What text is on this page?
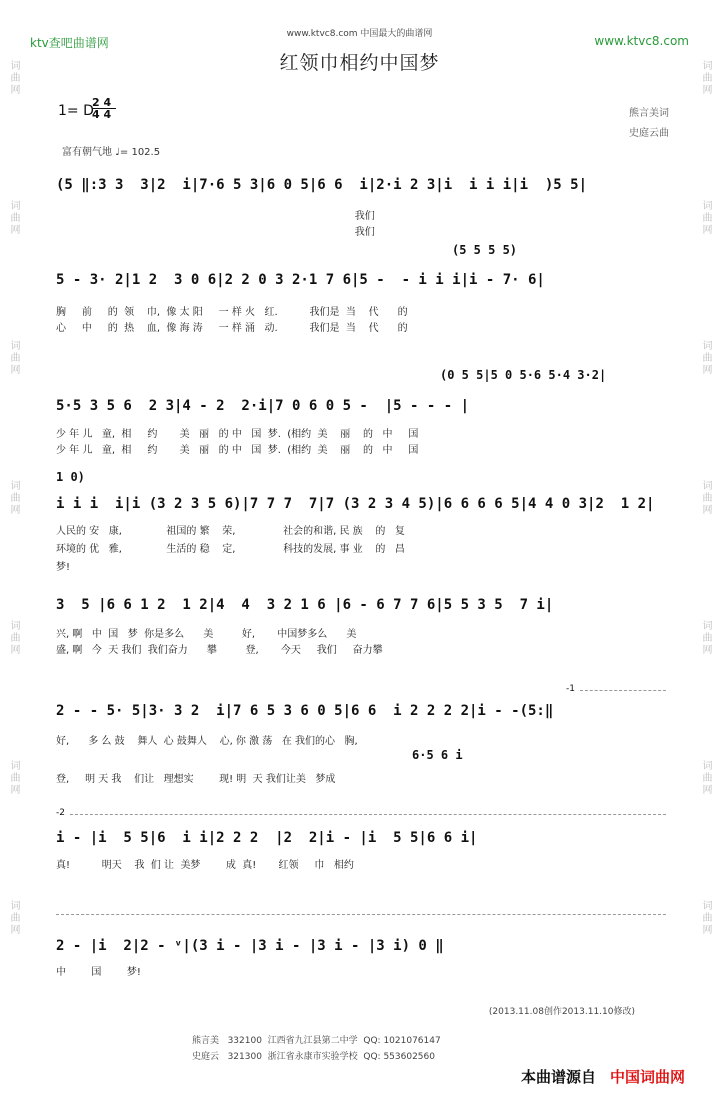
ktv查吧曲谱网
www.ktvc8.com 中国最大的曲谱网	www.ktvc8.com
红领巾相约中国梦
1= D
2 4
4 4	熊言美词
史庭云曲
富有朝气地 ♩= 102.5
(5 ‖:3 3  3|2  i|7·6 5 3|6 0 5|6 6  i|2·i 2 3|i  i i i|i  )5 5|
我们
我们
(5 5 5 5)
5 - 3· 2|1 2  3 0 6|2 2 0 3 2·1 7 6|5 -  - i i i|i - 7· 6|
胸     前     的  领    巾,  像 太 阳     一 样 火   红.          我们是  当    代      的
心     中     的  热    血,  像 海 涛     一 样 涌   动.          我们是  当    代      的
(0 5 5|5 0 5·6 5·4 3·2|
5·5 3 5 6  2 3|4 - 2  2·i|7 0 6 0 5 -  |5 - - - |
少 年 儿   童,  相     约       美   丽   的 中   国  梦.  (相约  美    丽    的   中     国
少 年 儿   童,  相     约       美   丽   的 中   国  梦.  (相约  美    丽    的   中     国
1 0)
i i i  i|i (3 2 3 5 6)|7 7 7  7|7 (3 2 3 4 5)|6 6 6 6 5|4 4 0 3|2  1 2|
人民的 安   康,              祖国的 繁    荣,               社会的和谐, 民 族    的   复
环境的 优   雅,              生活的 稳    定,               科技的发展, 事 业    的   昌
梦!
3  5 |6 6 1 2  1 2|4  4  3 2 1 6 |6 - 6 7 7 6|5 5 3 5  7 i|
兴, 啊   中  国   梦  你是多么      美         好,       中国梦多么      美
盛, 啊   今  天 我们  我们奋力      攀         登,       今天     我们     奋力攀
-1
2 - - 5· 5|3· 3 2  i|7 6 5 3 6 0 5|6 6  i 2 2 2 2|i - -(5:‖
好,      多 么 鼓    舞人  心 鼓舞人    心, 你 激 荡   在 我们的心   胸,
6·5 6 i
登,     明 天 我    们让   理想实        现! 明  天 我们让美   梦成
-2
i - |i  5 5|6  i i|2 2 2  |2  2|i - |i  5 5|6 6 i|
真!          明天    我  们 让  美梦        成  真!       红领     巾   相约
2 - |i  2|2 - ᵛ|(3 i - |3 i - |3 i - |3 i) 0 ‖
中        国        梦!
(2013.11.08创作2013.11.10修改)
熊言美   332100  江西省九江县第二中学  QQ: 1021076147
史庭云   321300  浙江省永康市实验学校  QQ: 553602560
本曲谱源自 中国词曲网
词曲网
词曲网
词曲网
词曲网
词曲网
词曲网
词曲网
词曲网
词曲网
词曲网
词曲网
词曲网
词曲网
词曲网
